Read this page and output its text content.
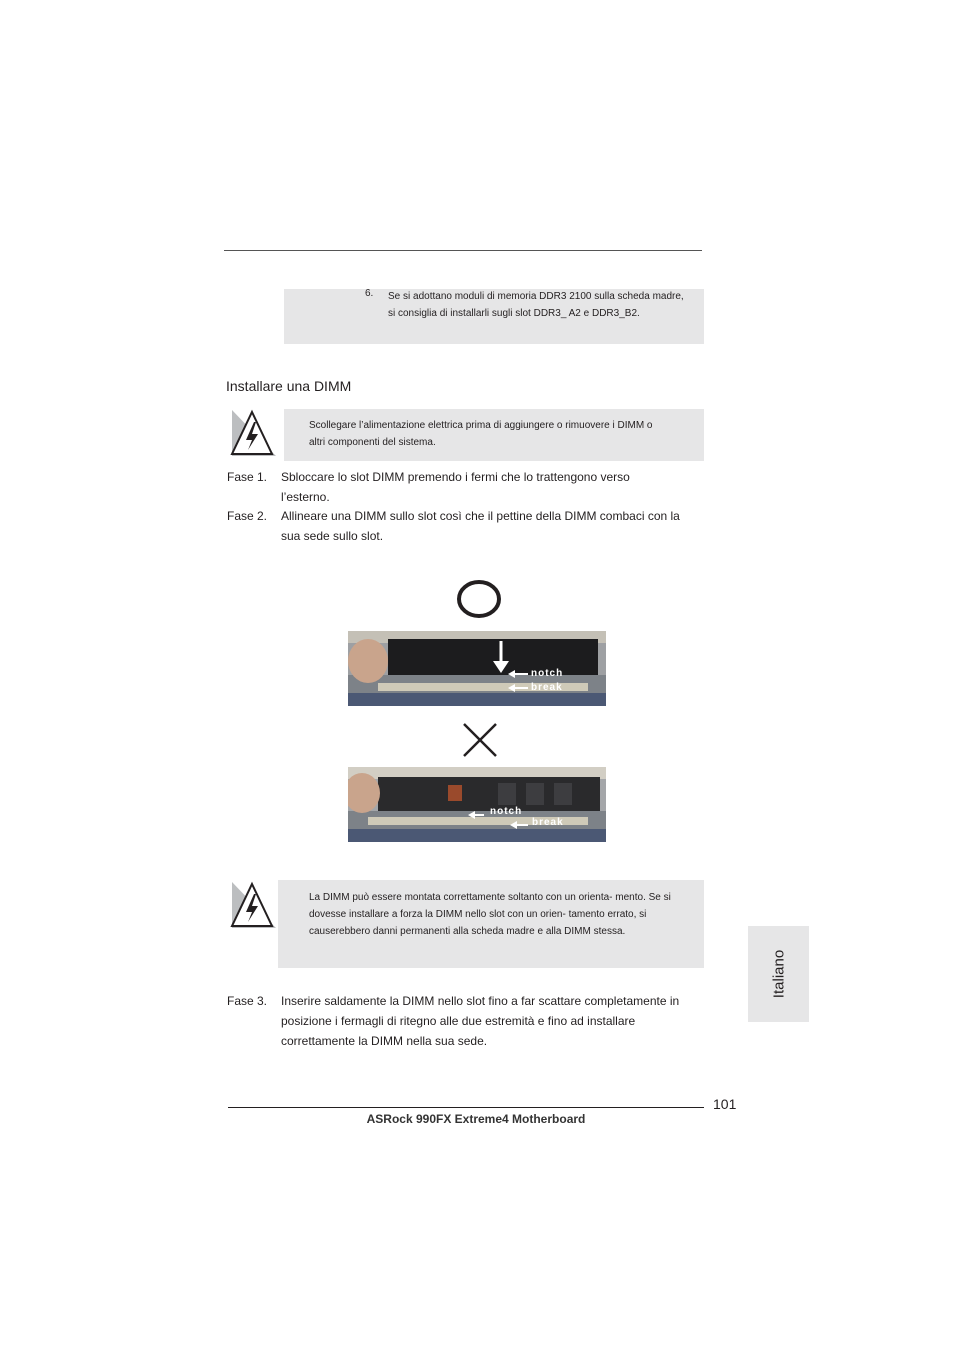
6. Se si adottano moduli di memoria DDR3 2100 sulla scheda madre, si consiglia di installarli sugli slot DDR3_ A2 e DDR3_B2.
Installare una DIMM
Scollegare l’alimentazione elettrica prima di aggiungere o rimuovere i DIMM o altri componenti del sistema.
Fase 1. Sbloccare lo slot DIMM premendo i fermi che lo trattengono verso l’esterno.
Fase 2. Allineare una DIMM sullo slot così che il pettine della DIMM combaci con la sua sede sullo slot.
notch
break
notch
break
La DIMM può essere montata correttamente soltanto con un orienta- mento. Se si dovesse installare a forza la DIMM nello slot con un orien- tamento errato, si causerebbero danni permanenti alla scheda madre e alla DIMM stessa.
Fase 3. Inserire saldamente la DIMM nello slot fino a far scattare completamente in posizione i fermagli di ritegno alle due estremità e fino ad installare correttamente la DIMM nella sua sede.
Italiano
101
ASRock 990FX Extreme4 Motherboard
